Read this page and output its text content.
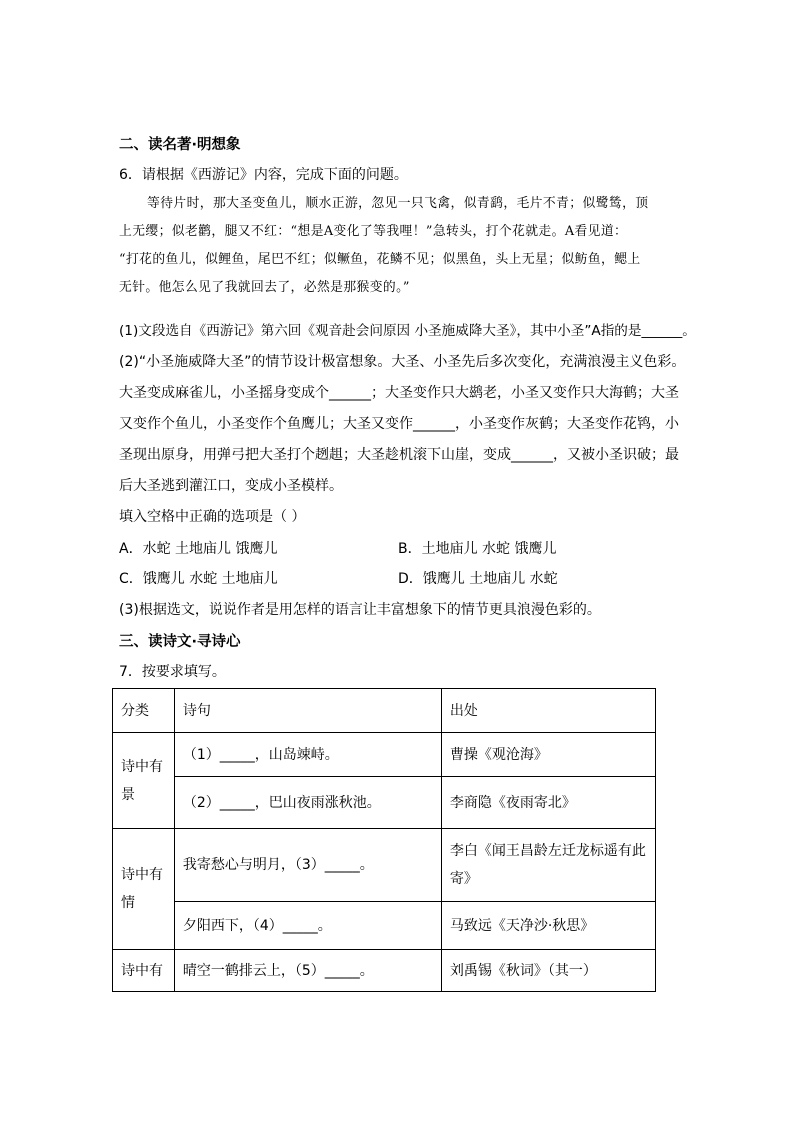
二、读名著·明想象
6．请根据《西游记》内容，完成下面的问题。

等待片时，那大圣变鱼儿，顺水正游，忽见一只飞禽，似青鹞，毛片不青；似鹭鸶，顶

上无缨；似老鹳，腿又不红：“想是A变化了等我哩！”急转头，打个花就走。A看见道：

“打花的鱼儿，似鲤鱼，尾巴不红；似鳜鱼，花鳞不见；似黑鱼，头上无星；似鲂鱼，鳃上

无针。他怎么见了我就回去了，必然是那猴变的。”

(1)文段选自《西游记》第六回《观音赴会问原因 小圣施威降大圣》，其中小圣”A指的是______。
(2)“小圣施威降大圣”的情节设计极富想象。大圣、小圣先后多次变化，充满浪漫主义色彩。
大圣变成麻雀儿，小圣摇身变成个______；大圣变作只大鹚老，小圣又变作只大海鹤；大圣
又变作个鱼儿，小圣变作个鱼鹰儿；大圣又变作______，小圣变作灰鹤；大圣变作花鸨，小
圣现出原身，用弹弓把大圣打个趔趄；大圣趁机滚下山崖，变成______，又被小圣识破；最
后大圣逃到灌江口，变成小圣模样。
填入空格中正确的选项是（ ）
A．水蛇 土地庙儿 饿鹰儿	B．土地庙儿 水蛇 饿鹰儿
C．饿鹰儿 水蛇 土地庙儿	D．饿鹰儿 土地庙儿 水蛇
(3)根据选文，说说作者是用怎样的语言让丰富想象下的情节更具浪漫色彩的。
三、读诗文·寻诗心
7．按要求填写。
分类	诗句	出处
诗中有景	（1）_____，山岛竦峙。	曹操《观沧海》
	（2）_____，巴山夜雨涨秋池。	李商隐《夜雨寄北》
诗中有情	我寄愁心与明月，（3）_____。	李白《闻王昌龄左迁龙标遥有此寄》
	夕阳西下，（4）_____。	马致远《天净沙·秋思》
诗中有	晴空一鹤排云上，（5）_____。	刘禹锡《秋词》（其一）
